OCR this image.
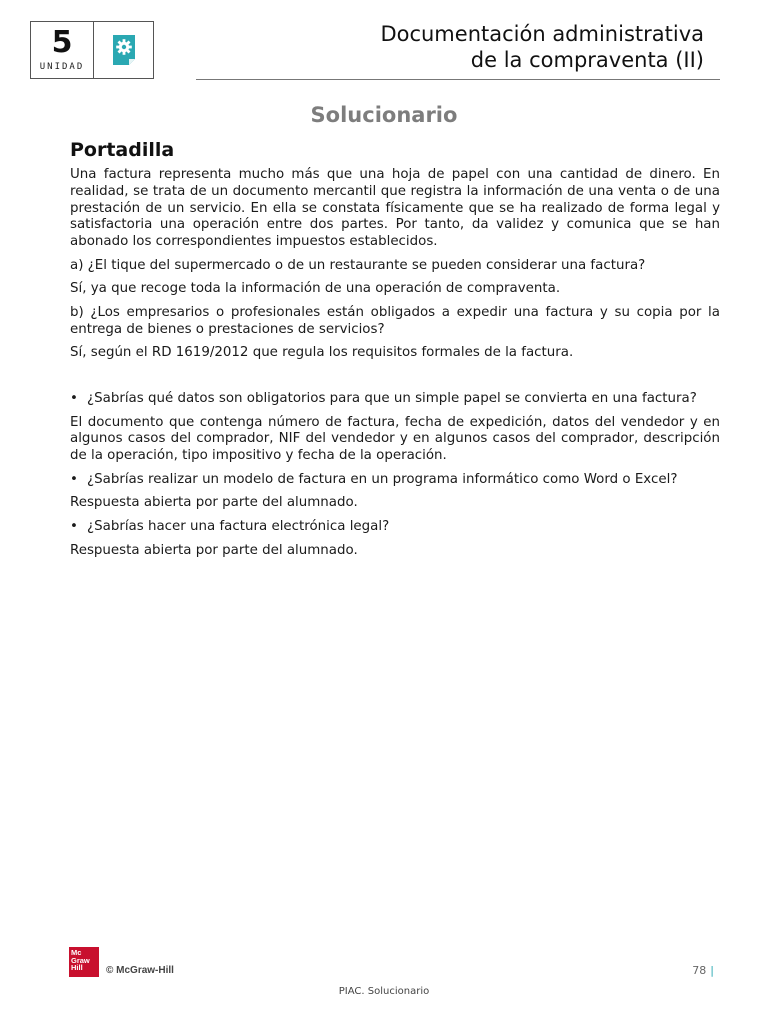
5
UNIDAD
Documentación administrativa
de la compraventa (II)
Solucionario
Portadilla

Una factura representa mucho más que una hoja de papel con una cantidad de dinero. En realidad, se trata de un documento mercantil que registra la información de una venta o de una prestación de un servicio. En ella se constata físicamente que se ha realizado de forma legal y satisfactoria una operación entre dos partes. Por tanto, da validez y comunica que se han abonado los correspondientes impuestos establecidos.

a) ¿El tique del supermercado o de un restaurante se pueden considerar una factura?

Sí, ya que recoge toda la información de una operación de compraventa.

b) ¿Los empresarios o profesionales están obligados a expedir una factura y su copia por la entrega de bienes o prestaciones de servicios?

Sí, según el RD 1619/2012 que regula los requisitos formales de la factura.

• ¿Sabrías qué datos son obligatorios para que un simple papel se convierta en una factura?

El documento que contenga número de factura, fecha de expedición, datos del vendedor y en algunos casos del comprador, NIF del vendedor y en algunos casos del comprador, descripción de la operación, tipo impositivo y fecha de la operación.

• ¿Sabrías realizar un modelo de factura en un programa informático como Word o Excel?

Respuesta abierta por parte del alumnado.

• ¿Sabrías hacer una factura electrónica legal?

Respuesta abierta por parte del alumnado.

Mc
Graw
Hill	© McGraw-Hill	78 |
PIAC. Solucionario
